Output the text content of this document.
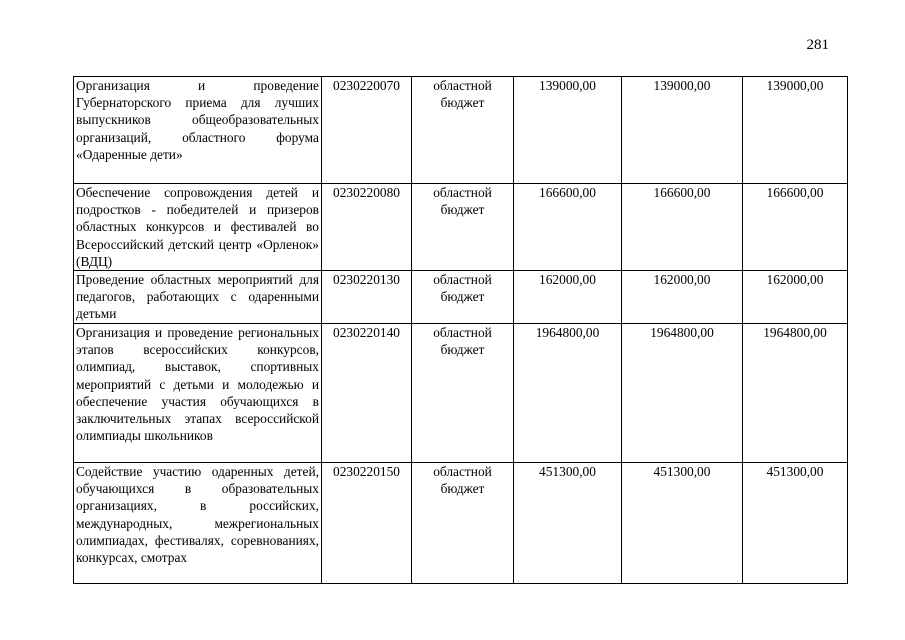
281
Организация и проведение Губернаторского приема для лучших выпускников общеобразовательных организаций, областного форума «Одаренные дети»	0230220070	областной бюджет	139000,00	139000,00	139000,00
Обеспечение сопровождения детей и подростков - победителей и призеров областных конкурсов и фестивалей во Всероссийский детский центр «Орленок» (ВДЦ)	0230220080	областной бюджет	166600,00	166600,00	166600,00
Проведение областных мероприятий для педагогов, работающих с одаренными детьми	0230220130	областной бюджет	162000,00	162000,00	162000,00
Организация и проведение региональных этапов всероссийских конкурсов, олимпиад, выставок, спортивных мероприятий с детьми и молодежью и обеспечение участия обучающихся в заключительных этапах всероссийской олимпиады школьников	0230220140	областной бюджет	1964800,00	1964800,00	1964800,00
Содействие участию одаренных детей, обучающихся в образовательных организациях, в российских, международных, межрегиональных олимпиадах, фестивалях, соревнованиях, конкурсах, смотрах	0230220150	областной бюджет	451300,00	451300,00	451300,00
